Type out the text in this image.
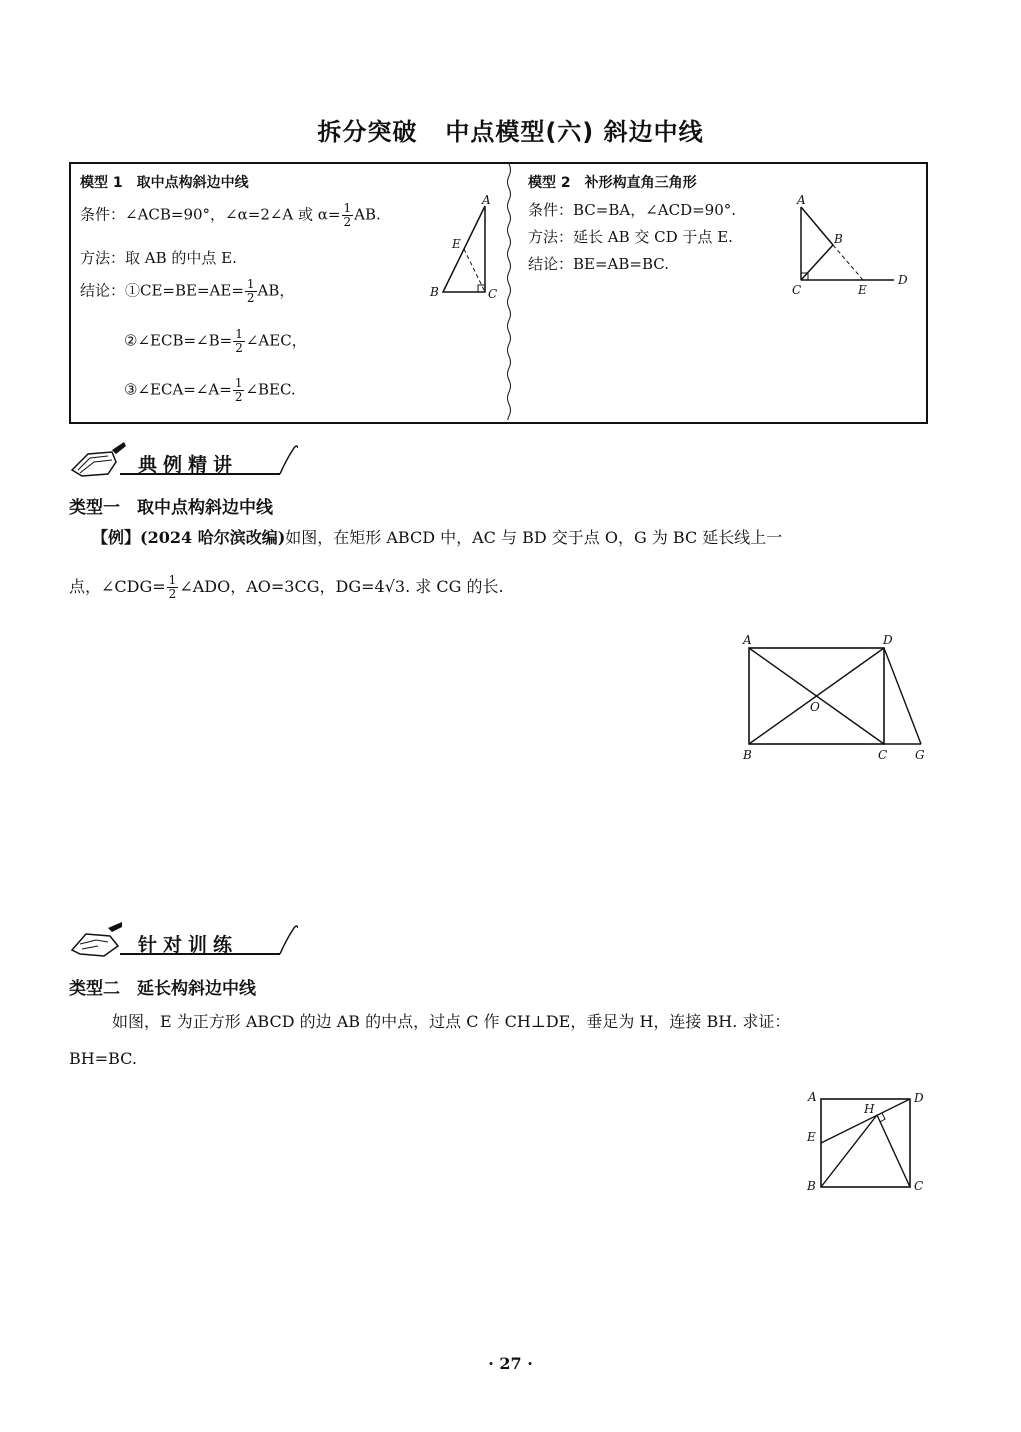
拆分突破 中点模型(六) 斜边中线
模型 1　取中点构斜边中线
条件：∠ACB=90°，∠α=2∠A 或 $\alpha= \frac{1}{2}$ AB.
方法：取 AB 的中点 E.
结论：①CE=BE=AE= $\frac{1}{2}$ AB，
②∠ECB=∠B= $\frac{1}{2}$ ∠AEC，
③∠ECA=∠A= $\frac{1}{2}$ ∠BEC.
A
E
B	C
模型 2　补形构直角三角形
条件：BC=BA，∠ACD=90°.
方法：延长 AB 交 CD 于点 E.
结论：BE=AB=BC.
A
B
C	E
D
典例精讲
类型一　取中点构斜边中线
【例】(2024 哈尔滨改编)如图，在矩形 ABCD 中，AC 与 BD 交于点 O，G 为 BC 延长线上一
点，∠CDG= $\frac{1}{2}$ ∠ADO，AO=3CG，DG=4√3. 求 CG 的长.
A	D
O
B	C G
针对训练
类型二　延长构斜边中线
如图，E 为正方形 ABCD 的边 AB 的中点，过点 C 作 CH⊥DE，垂足为 H，连接 BH. 求证：
BH=BC.
A	D
H
E
B	C
· 27 ·
